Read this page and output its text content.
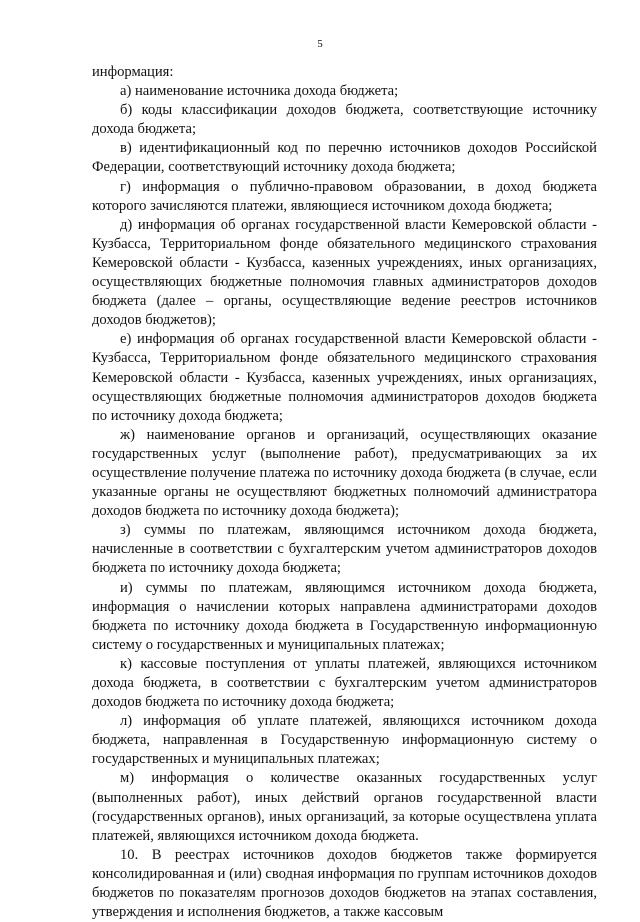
5

информация:

а) наименование источника дохода бюджета;

б) коды классификации доходов бюджета, соответствующие источнику дохода бюджета;

в) идентификационный код по перечню источников доходов Российской Федерации, соответствующий источнику дохода бюджета;

г) информация о публично-правовом образовании, в доход бюджета которого зачисляются платежи, являющиеся источником дохода бюджета;

д) информация об органах государственной власти Кемеровской области - Кузбасса, Территориальном фонде обязательного медицинского страхования Кемеровской области - Кузбасса, казенных учреждениях, иных организациях, осуществляющих бюджетные полномочия главных администраторов доходов бюджета (далее – органы, осуществляющие ведение реестров источников доходов бюджетов);

е) информация об органах государственной власти Кемеровской области - Кузбасса, Территориальном фонде обязательного медицинского страхования Кемеровской области - Кузбасса, казенных учреждениях, иных организациях, осуществляющих бюджетные полномочия администраторов доходов бюджета по источнику дохода бюджета;

ж) наименование органов и организаций, осуществляющих оказание государственных услуг (выполнение работ), предусматривающих за их осуществление получение платежа по источнику дохода бюджета (в случае, если указанные органы не осуществляют бюджетных полномочий администратора доходов бюджета по источнику дохода бюджета);

з) суммы по платежам, являющимся источником дохода бюджета, начисленные в соответствии с бухгалтерским учетом администраторов доходов бюджета по источнику дохода бюджета;

и) суммы по платежам, являющимся источником дохода бюджета, информация о начислении которых направлена администраторами доходов бюджета по источнику дохода бюджета в Государственную информационную систему о государственных и муниципальных платежах;

к) кассовые поступления от уплаты платежей, являющихся источником дохода бюджета, в соответствии с бухгалтерским учетом администраторов доходов бюджета по источнику дохода бюджета;

л) информация об уплате платежей, являющихся источником дохода бюджета, направленная в Государственную информационную систему о государственных и муниципальных платежах;

м) информация о количестве оказанных государственных услуг (выполненных работ), иных действий органов государственной власти (государственных органов), иных организаций, за которые осуществлена уплата платежей, являющихся источником дохода бюджета.

10. В реестрах источников доходов бюджетов также формируется консолидированная и (или) сводная информация по группам источников доходов бюджетов по показателям прогнозов доходов бюджетов на этапах составления, утверждения и исполнения бюджетов, а также кассовым
